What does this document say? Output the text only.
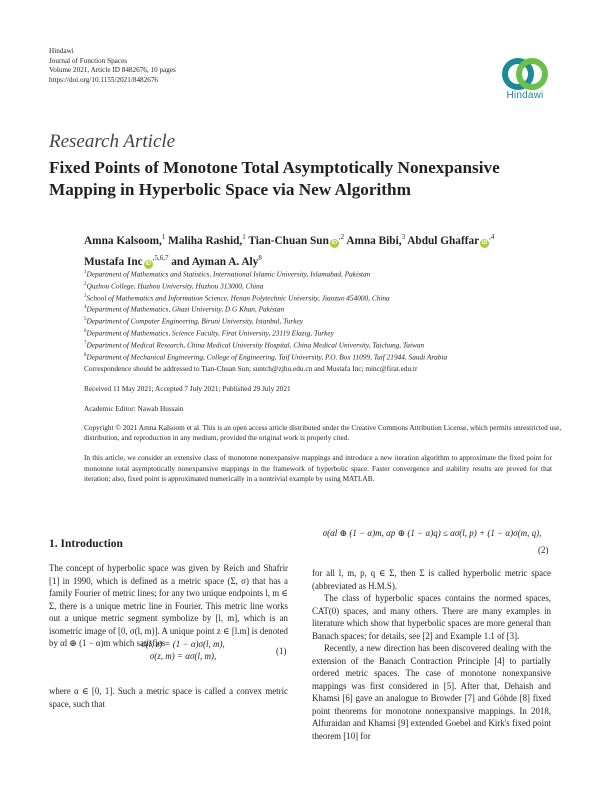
Hindawi
Journal of Function Spaces
Volume 2021, Article ID 8482676, 10 pages
https://doi.org/10.1155/2021/8482676
Hindawi
Research Article
Fixed Points of Monotone Total Asymptotically Nonexpansive
Mapping in Hyperbolic Space via New Algorithm
Amna Kalsoom,$^1$ Maliha Rashid,$^1$ Tian-Chuan Sun $iD^{,2}$ Amna Bibi,$^3$ Abdul Ghaffar $iD^{,4}$
Mustafa Inc $iD^{,5,6,7}$ and Ayman A. Aly$^8$
$^1$Department of Mathematics and Statistics, International Islamic University, Islamabad, Pakistan
$^2$Quzhou College, Huzhou University, Huzhou 313000, China
$^3$School of Mathematics and Information Science, Henan Polytechnic University, Jiaozuo 454000, China
$^4$Department of Mathematics, Ghazi University, D G Khan, Pakistan
$^5$Department of Computer Engineering, Biruni University, Istanbul, Turkey
$^6$Department of Mathematics, Science Faculty, Firat University, 23119 Elazig, Turkey
$^7$Department of Medical Research, China Medical University Hospital, China Medical University, Taichung, Taiwan
$^8$Department of Mechanical Engineering, College of Engineering, Taif University, P.O. Box 11099, Taif 21944, Saudi Arabia
Correspondence should be addressed to Tian-Chuan Sun; suntch@zjhu.edu.cn and Mustafa Inc; minc@firat.edu.tr
Received 11 May 2021; Accepted 7 July 2021; Published 29 July 2021
Academic Editor: Nawab Hussain
Copyright © 2021 Amna Kalsoom et al. This is an open access article distributed under the Creative Commons Attribution License, which permits unrestricted use, distribution, and reproduction in any medium, provided the original work is properly cited.
In this article, we consider an extensive class of monotone nonexpansive mappings and introduce a new iteration algorithm to approximate the fixed point for monotone total asymptotically nonexpansive mappings in the framework of hyperbolic space. Faster convergence and stability results are proved for that iteration; also, fixed point is approximated numerically in a nontrivial example by using MATLAB.
1. Introduction
The concept of hyperbolic space was given by Reich and Shafrir [1] in 1990, which is defined as a metric space (Σ, σ) that has a family Fourier of metric lines; for any two unique endpoints l, m ∈ Σ, there is a unique metric line in Fourier. This metric line works out a unique metric segment symbolize by [l, m], which is an isometric image of [0, σ(l, m)]. A unique point z ∈ [l.m] is denoted by αl ⊕ (1 − α)m which satisfies
σ(l, z) = (1 − α)σ(l, m),
σ(z, m) = ασ(l, m),	(1)
where α ∈ [0, 1]. Such a metric space is called a convex metric space, such that
σ(αl ⊕ (1 − α)m, αp ⊕ (1 − α)q) ≤ ασ(l, p) + (1 − α)σ(m, q),
(2)
for all l, m, p, q ∈ Σ, then Σ is called hyperbolic metric space (abbreviated as H.M.S).
The class of hyperbolic spaces contains the normed spaces, CAT(0) spaces, and many others. There are many examples in literature which show that hyperbolic spaces are more general than Banach spaces; for details, see [2] and Example 1.1 of [3].
Recently, a new direction has been discovered dealing with the extension of the Banach Contraction Principle [4] to partially ordered metric spaces. The case of monotone nonexpansive mappings was first considered in [5]. After that, Dehaish and Khamsi [6] gave an analogue to Browder [7] and Göhde [8] fixed point theorems for monotone nonexpansive mappings. In 2018, Alfuraidan and Khamsi [9] extended Goebel and Kirk's fixed point theorem [10] for
